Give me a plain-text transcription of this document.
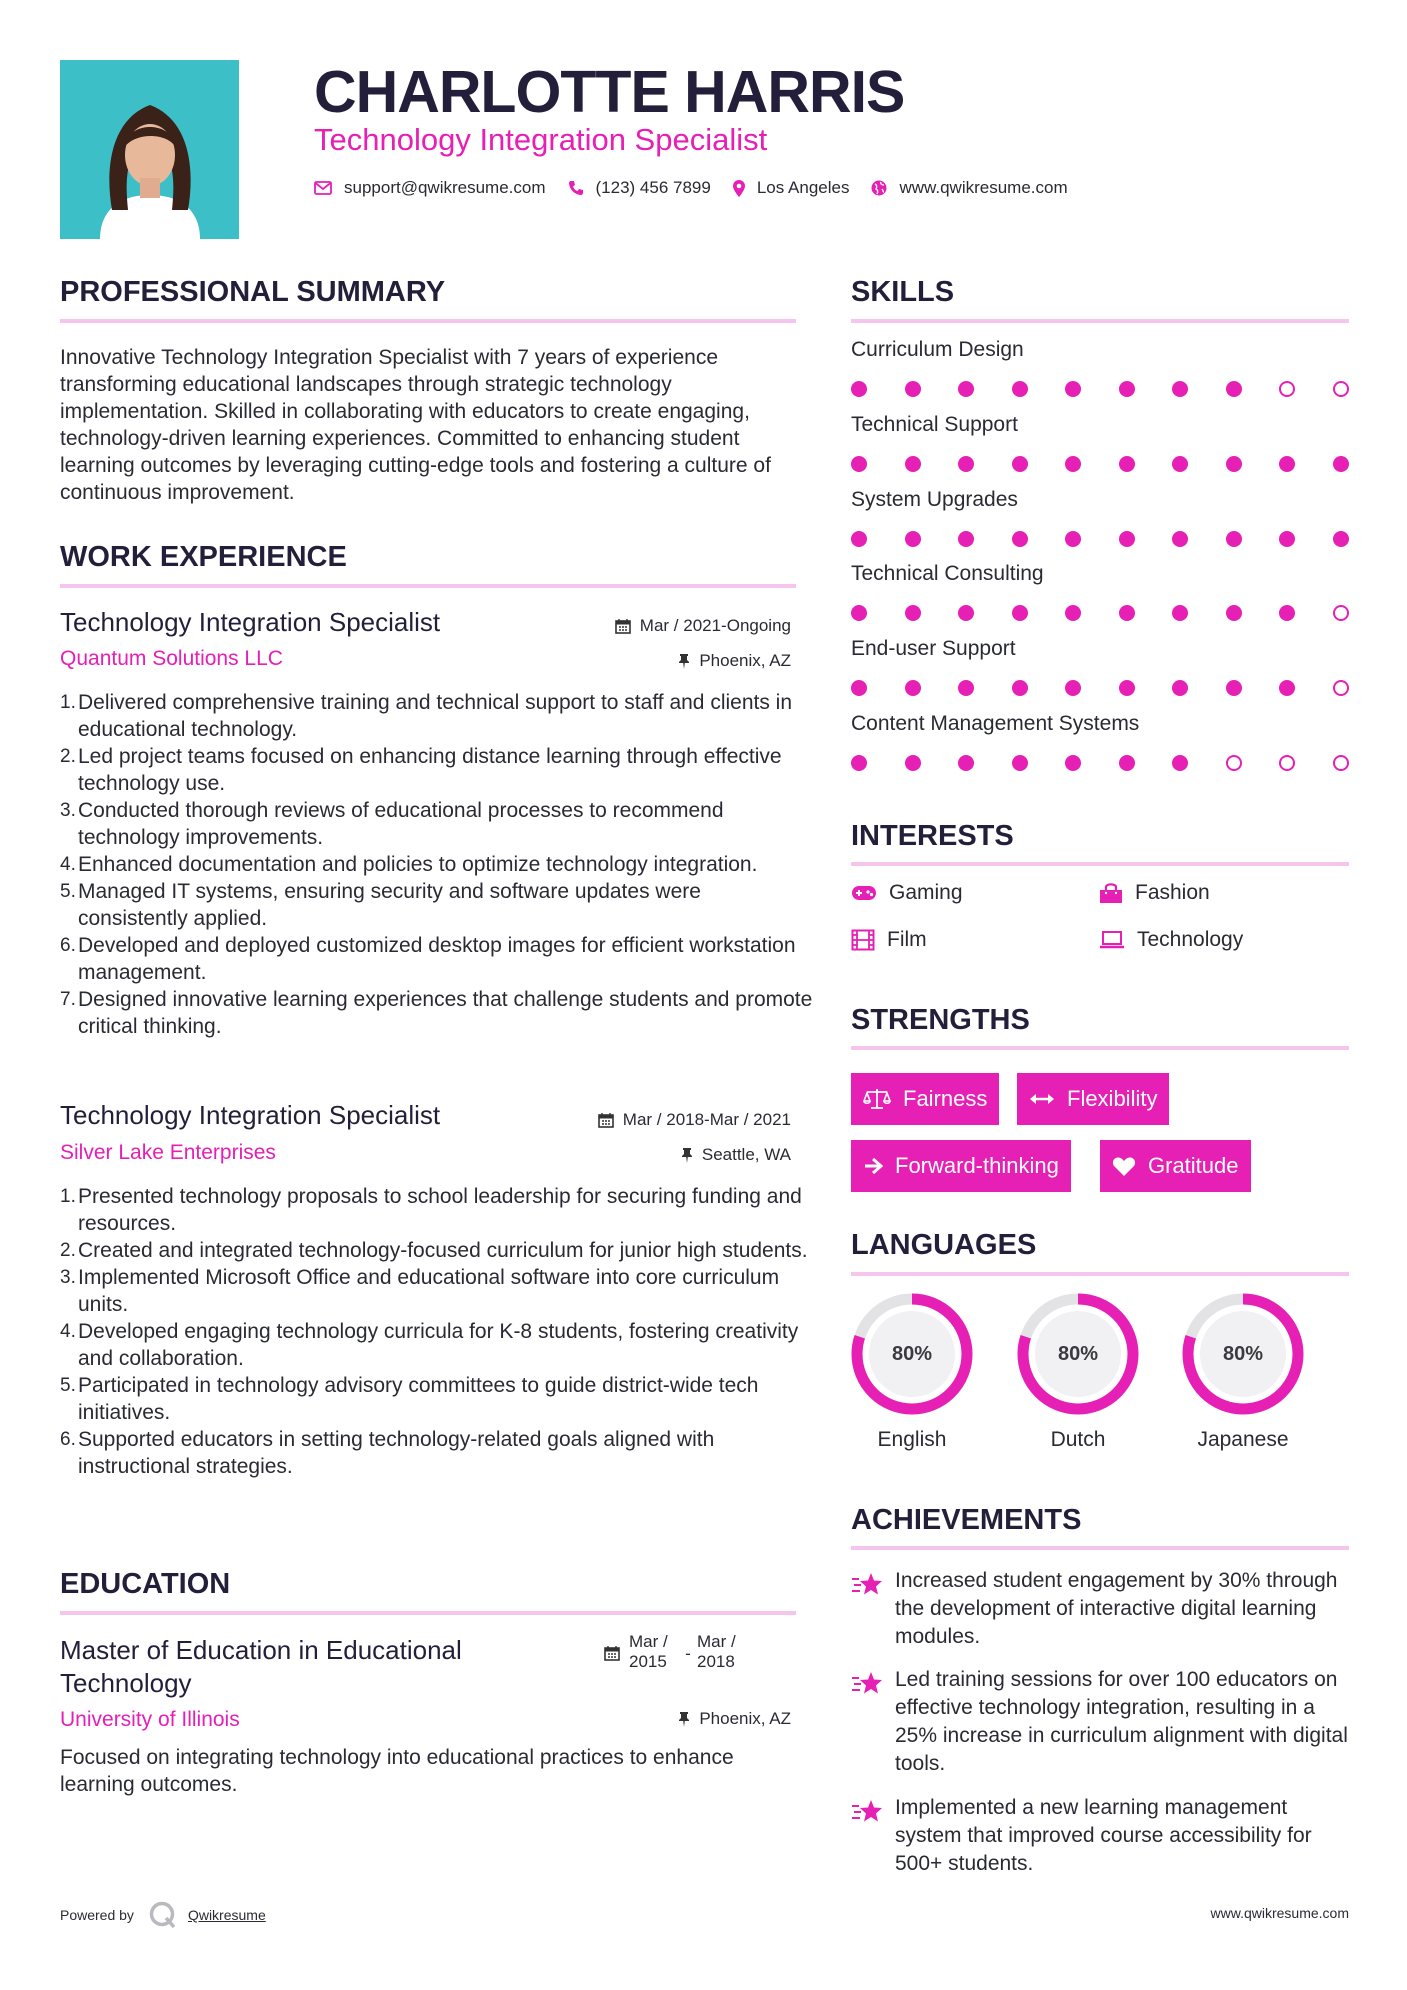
CHARLOTTE HARRIS
Technology Integration Specialist
support@qwikresume.com	(123) 456 7899	Los Angeles	www.qwikresume.com
PROFESSIONAL SUMMARY

Innovative Technology Integration Specialist with 7 years of experience transforming educational landscapes through strategic technology implementation. Skilled in collaborating with educators to create engaging, technology-driven learning experiences. Committed to enhancing student learning outcomes by leveraging cutting-edge tools and fostering a culture of continuous improvement.

WORK EXPERIENCE
Technology Integration Specialist	Mar / 2021-Ongoing
Quantum Solutions LLC	Phoenix, AZ
Delivered comprehensive training and technical support to staff and clients in educational technology.
Led project teams focused on enhancing distance learning through effective technology use.
Conducted thorough reviews of educational processes to recommend technology improvements.
Enhanced documentation and policies to optimize technology integration.
Managed IT systems, ensuring security and software updates were consistently applied.
Developed and deployed customized desktop images for efficient workstation management.
Designed innovative learning experiences that challenge students and promote critical thinking.
Technology Integration Specialist	Mar / 2018-Mar / 2021
Silver Lake Enterprises	Seattle, WA
Presented technology proposals to school leadership for securing funding and resources.
Created and integrated technology-focused curriculum for junior high students.
Implemented Microsoft Office and educational software into core curriculum units.
Developed engaging technology curricula for K-8 students, fostering creativity and collaboration.
Participated in technology advisory committees to guide district-wide tech initiatives.
Supported educators in setting technology-related goals aligned with instructional strategies.
EDUCATION
Master of Education in Educational Technology
Mar / 2015	-
Mar / 2018
University of Illinois	Phoenix, AZ

Focused on integrating technology into educational practices to enhance learning outcomes.

SKILLS
Curriculum Design
Technical Support
System Upgrades
Technical Consulting
End-user Support
Content Management Systems
INTERESTS
Gaming	Fashion
Film	Technology
STRENGTHS
Fairness	Flexibility
Forward-thinking	Gratitude
LANGUAGES
80%
English
80%
Dutch
80%
Japanese
ACHIEVEMENTS
Increased student engagement by 30% through the development of interactive digital learning modules.
Led training sessions for over 100 educators on effective technology integration, resulting in a 25% increase in curriculum alignment with digital tools.
Implemented a new learning management system that improved course accessibility for 500+ students.
Powered by	Qwikresume	www.qwikresume.com
